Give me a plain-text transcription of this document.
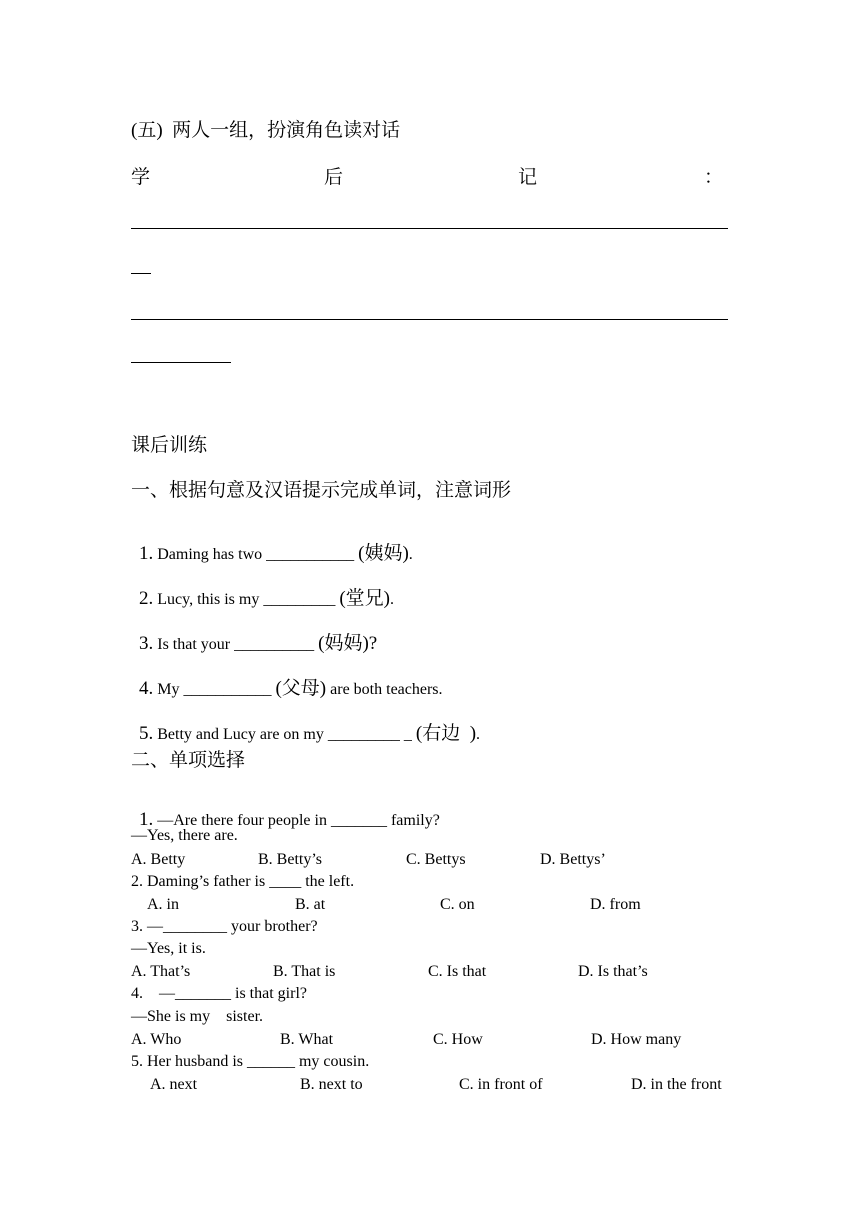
(五)  两人一组，扮演角色读对话
学	后	记	：
课后训练
一、根据句意及汉语提示完成单词，注意词形

1. Daming has two ___________ (姨妈).

2. Lucy, this is my _________ (堂兄).

3. Is that your __________ (妈妈)?

4. My ___________ (父母) are both teachers.

5. Betty and Lucy are on my _________ _ (右边  ).

二、单项选择

1. —Are there four people in _______ family?

—Yes, there are.
A. Betty	B. Betty’s	C. Bettys	D. Bettys’
2. Daming’s father is ____ the left.
A. in	B. at	C. on	D. from
3. —________ your brother?
—Yes, it is.
A. That’s	B. That is	C. Is that	D. Is that’s
4.    —_______ is that girl?
—She is my    sister.
A. Who	B. What	C. How	D. How many
5. Her husband is ______ my cousin.
A. next	B. next to	C. in front of	D. in the front
